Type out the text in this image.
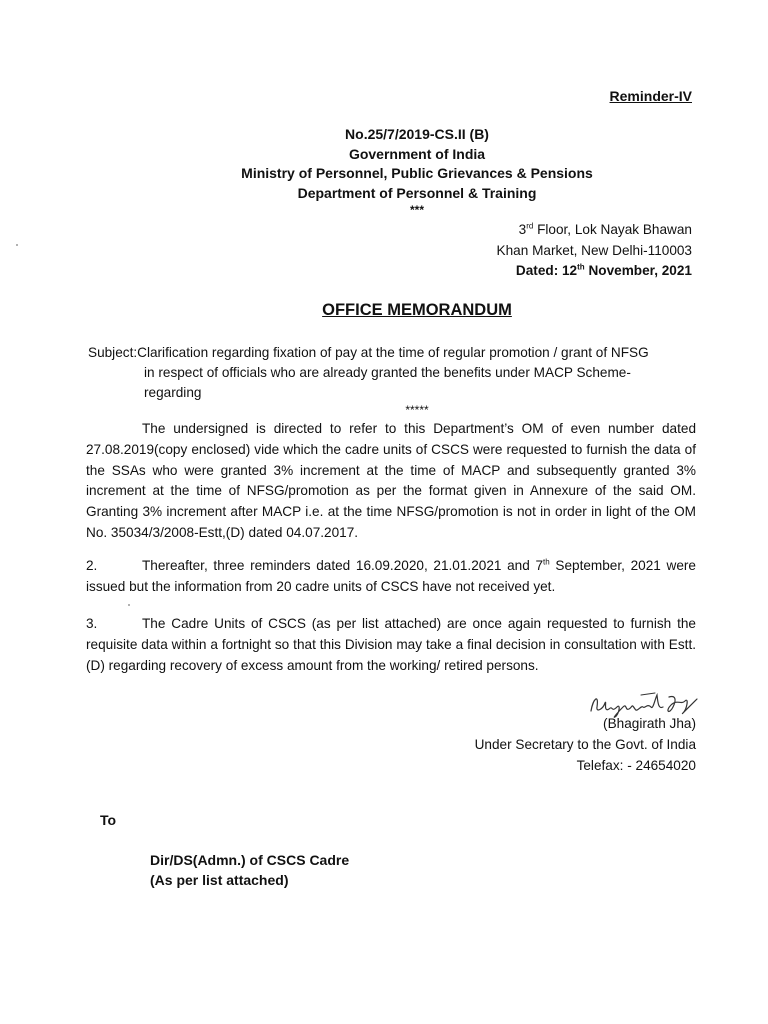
Reminder-IV
No.25/7/2019-CS.II (B)
Government of India
Ministry of Personnel, Public Grievances & Pensions
Department of Personnel & Training
***
3rd Floor, Lok Nayak Bhawan
Khan Market, New Delhi-110003
Dated: 12th November, 2021
OFFICE MEMORANDUM
Subject: Clarification regarding fixation of pay at the time of regular promotion / grant of NFSG
in respect of officials who are already granted the benefits under MACP Scheme-
regarding
*****
The undersigned is directed to refer to this Department’s OM of even number dated 27.08.2019(copy enclosed) vide which the cadre units of CSCS were requested to furnish the data of the SSAs who were granted 3% increment at the time of MACP and subsequently granted 3% increment at the time of NFSG/promotion as per the format given in Annexure of the said OM. Granting 3% increment after MACP i.e. at the time NFSG/promotion is not in order in light of the OM No. 35034/3/2008-Estt,(D) dated 04.07.2017.
2.	Thereafter, three reminders dated 16.09.2020, 21.01.2021 and 7th September, 2021 were issued but the information from 20 cadre units of CSCS have not received yet.
3.	The Cadre Units of CSCS (as per list attached) are once again requested to furnish the requisite data within a fortnight so that this Division may take a final decision in consultation with Estt.(D) regarding recovery of excess amount from the working/ retired persons.
(Bhagirath Jha)
Under Secretary to the Govt. of India
Telefax: - 24654020
To
Dir/DS(Admn.) of CSCS Cadre
(As per list attached)
